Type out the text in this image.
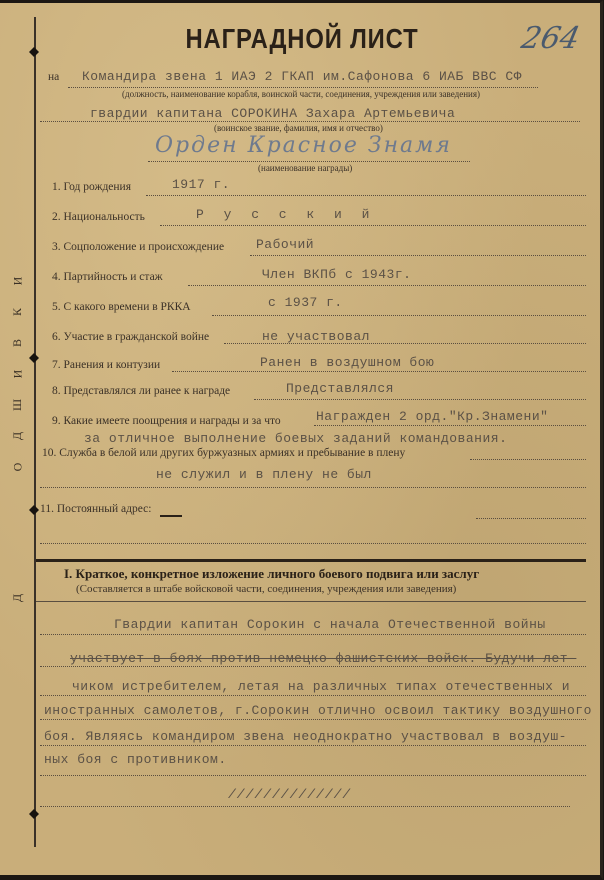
И
К
В
И
Ш
Д
О
Д
НАГРАДНОЙ ЛИСТ	264
на Командира звена 1 ИАЭ 2 ГКАП им.Сафонова 6 ИАБ ВВС СФ
(должность, наименование корабля, воинской части, соединения, учреждения или заведения)
гвардии капитана СОРОКИНА Захара Артемьевича
(воинское звание, фамилия, имя и отчество)
Орден Красное Знамя
(наименование награды)
1. Год рождения	1917 г.
2. Национальность	Р у с с к и й
3. Соцположение и происхождение Рабочий
4. Партийность и стаж	Член ВКПб с 1943г.
5. С какого времени в РККА	с 1937 г.
6. Участие в гражданской войне	не участвовал
7. Ранения и контузии	Ранен в воздушном бою
8. Представлялся ли ранее к награде	Представлялся
9. Какие имеете поощрения и награды и за что	Награжден 2 орд."Кр.Знамени"
за отличное выполнение боевых заданий командования.
10. Служба в белой или других буржуазных армиях и пребывание в плену
не служил и в плену не был
11. Постоянный адрес:
I. Краткое, конкретное изложение личного боевого подвига или заслуг
(Составляется в штабе войсковой части, соединения, учреждения или заведения)
Гвардии капитан Сорокин с начала Отечественной войны
участвует в боях против немецко-фашистских войск. Будучи лет-
чиком истребителем, летая на различных типах отечественных и
иностранных самолетов, г.Сорокин отлично освоил тактику воздушного
боя. Являясь командиром звена неоднократно участвовал в воздуш-
ных боя с противником.
//////////////
